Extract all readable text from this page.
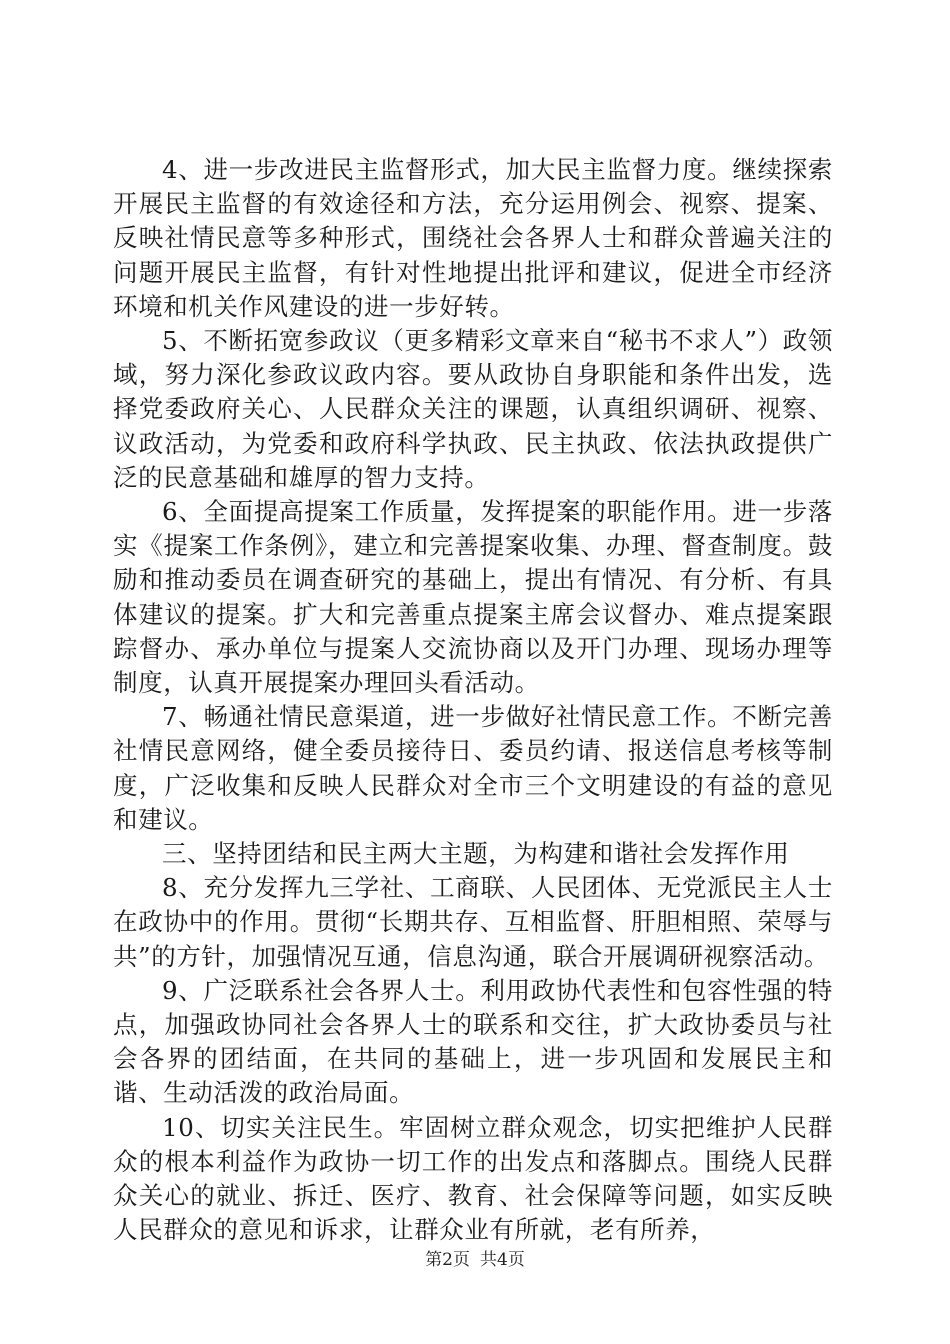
4、进一步改进民主监督形式，加大民主监督力度。继续探索开展民主监督的有效途径和方法，充分运用例会、视察、提案、反映社情民意等多种形式，围绕社会各界人士和群众普遍关注的问题开展民主监督，有针对性地提出批评和建议，促进全市经济环境和机关作风建设的进一步好转。

5、不断拓宽参政议（更多精彩文章来自“秘书不求人”）政领域，努力深化参政议政内容。要从政协自身职能和条件出发，选择党委政府关心、人民群众关注的课题，认真组织调研、视察、议政活动，为党委和政府科学执政、民主执政、依法执政提供广泛的民意基础和雄厚的智力支持。

6、全面提高提案工作质量，发挥提案的职能作用。进一步落实《提案工作条例》，建立和完善提案收集、办理、督查制度。鼓励和推动委员在调查研究的基础上，提出有情况、有分析、有具体建议的提案。扩大和完善重点提案主席会议督办、难点提案跟踪督办、承办单位与提案人交流协商以及开门办理、现场办理等制度，认真开展提案办理回头看活动。

7、畅通社情民意渠道，进一步做好社情民意工作。不断完善社情民意网络，健全委员接待日、委员约请、报送信息考核等制度，广泛收集和反映人民群众对全市三个文明建设的有益的意见和建议。

三、坚持团结和民主两大主题，为构建和谐社会发挥作用

8、充分发挥九三学社、工商联、人民团体、无党派民主人士在政协中的作用。贯彻“长期共存、互相监督、肝胆相照、荣辱与共”的方针，加强情况互通，信息沟通，联合开展调研视察活动。

9、广泛联系社会各界人士。利用政协代表性和包容性强的特点，加强政协同社会各界人士的联系和交往，扩大政协委员与社会各界的团结面，在共同的基础上，进一步巩固和发展民主和谐、生动活泼的政治局面。

10、切实关注民生。牢固树立群众观念，切实把维护人民群众的根本利益作为政协一切工作的出发点和落脚点。围绕人民群众关心的就业、拆迁、医疗、教育、社会保障等问题，如实反映人民群众的意见和诉求，让群众业有所就，老有所养，

第2页 共4页
